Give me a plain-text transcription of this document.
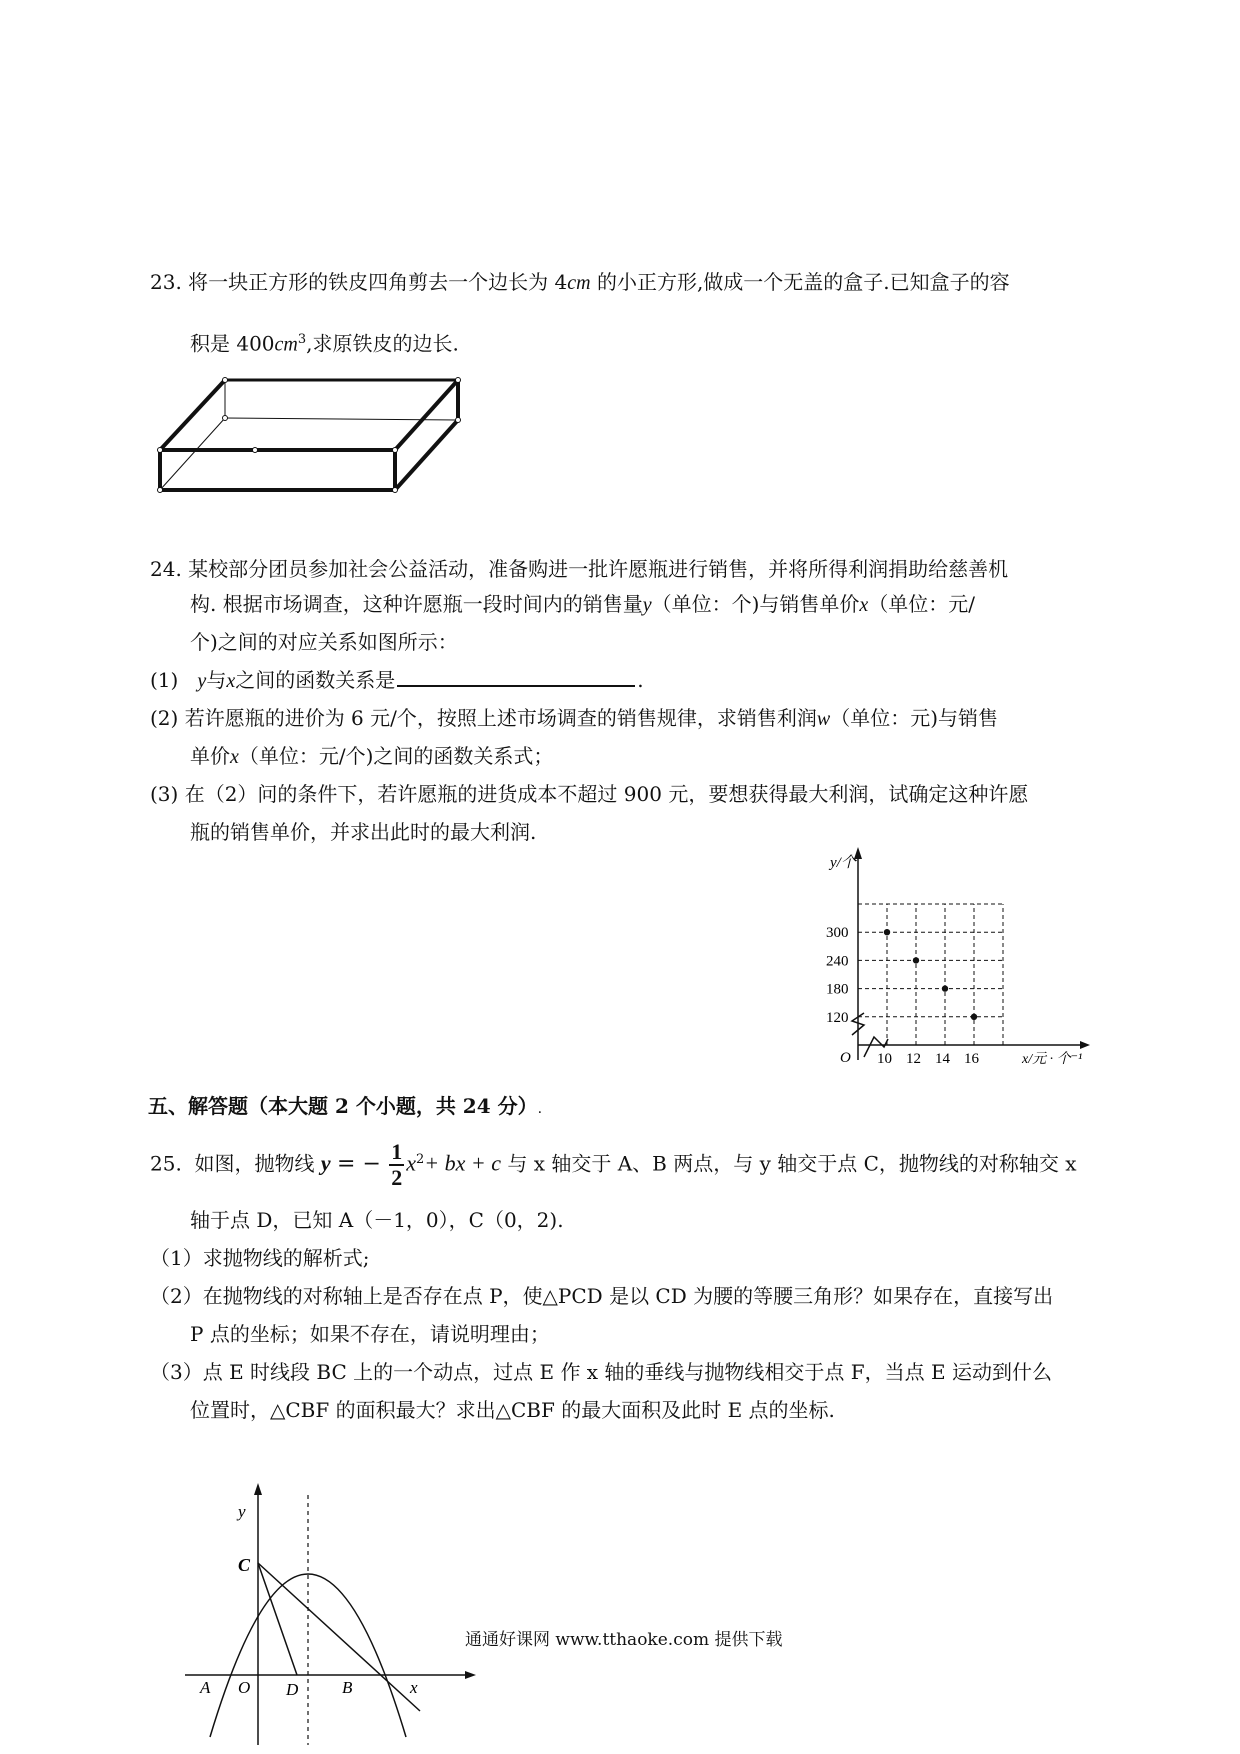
23. 将一块正方形的铁皮四角剪去一个边长为 4cm 的小正方形,做成一个无盖的盒子.已知盒子的容
积是 $400cm^3$,求原铁皮的边长.
24. 某校部分团员参加社会公益活动，准备购进一批许愿瓶进行销售，并将所得利润捐助给慈善机
构. 根据市场调查，这种许愿瓶一段时间内的销售量y（单位：个)与销售单价x（单位：元/
个)之间的对应关系如图所示：
(1) y与x之间的函数关系是	.
(2) 若许愿瓶的进价为 6 元/个，按照上述市场调查的销售规律，求销售利润w（单位：元)与销售
单价x（单位：元/个)之间的函数关系式；
(3) 在（2）问的条件下，若许愿瓶的进货成本不超过 900 元，要想获得最大利润，试确定这种许愿
瓶的销售单价，并求出此时的最大利润.
y/个
O	x/元 · 个⁻¹
10 12 14 16
300
240
180
120
五、解答题（本大题 2 个小题，共 24 分）.
25. 如图，抛物线 y = − $\frac{1}{2} x^2+$ bx + c 与 x 轴交于 A、B 两点，与 y 轴交于点 C，抛物线的对称轴交 x
轴于点 D，已知 A（－1，0），C（0，2).
（1）求抛物线的解析式;
（2）在抛物线的对称轴上是否存在点 P，使△PCD 是以 CD 为腰的等腰三角形？如果存在，直接写出
P 点的坐标；如果不存在，请说明理由；
（3）点 E 时线段 BC 上的一个动点，过点 E 作 x 轴的垂线与抛物线相交于点 F，当点 E 运动到什么
位置时，△CBF 的面积最大？求出△CBF 的最大面积及此时 E 点的坐标.
y
x
C
A O D	B
通通好课网 www.tthaoke.com 提供下载
